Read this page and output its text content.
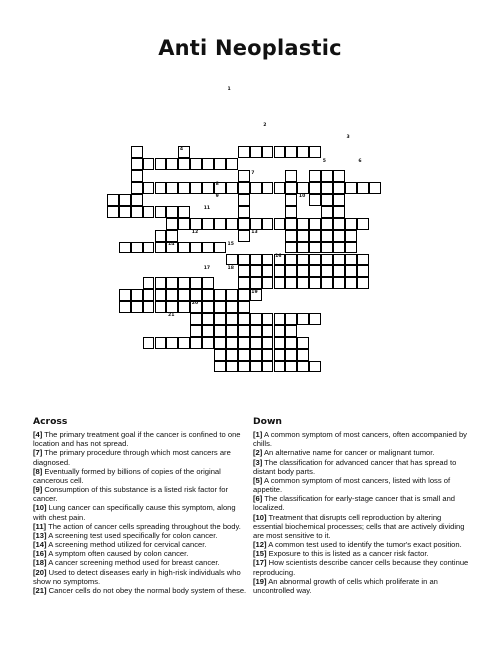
Anti Neoplastic
1
2
3
4
5	6
7
8
9	10
11
12	13
14	15
16
17	18
19
20
21
Across

[4] The primary treatment goal if the cancer is confined to one location and has not spread.

[7] The primary procedure through which most cancers are diagnosed.

[8] Eventually formed by billions of copies of the original cancerous cell.

[9] Consumption of this substance is a listed risk factor for cancer.

[10] Lung cancer can specifically cause this symptom, along with chest pain.

[11] The action of cancer cells spreading throughout the body.

[13] A screening test used specifically for colon cancer.

[14] A screening method utilized for cervical cancer.

[16] A symptom often caused by colon cancer.

[18] A cancer screening method used for breast cancer.

[20] Used to detect diseases early in high-risk individuals who show no symptoms.

[21] Cancer cells do not obey the normal body system of these.

Down

[1] A common symptom of most cancers, often accompanied by chills.

[2] An alternative name for cancer or malignant tumor.

[3] The classification for advanced cancer that has spread to distant body parts.

[5] A common symptom of most cancers, listed with loss of appetite.

[6] The classification for early-stage cancer that is small and localized.

[10] Treatment that disrupts cell reproduction by altering essential biochemical processes; cells that are actively dividing are most sensitive to it.

[12] A common test used to identify the tumor's exact position.

[15] Exposure to this is listed as a cancer risk factor.

[17] How scientists describe cancer cells because they continue reproducing.

[19] An abnormal growth of cells which proliferate in an uncontrolled way.
